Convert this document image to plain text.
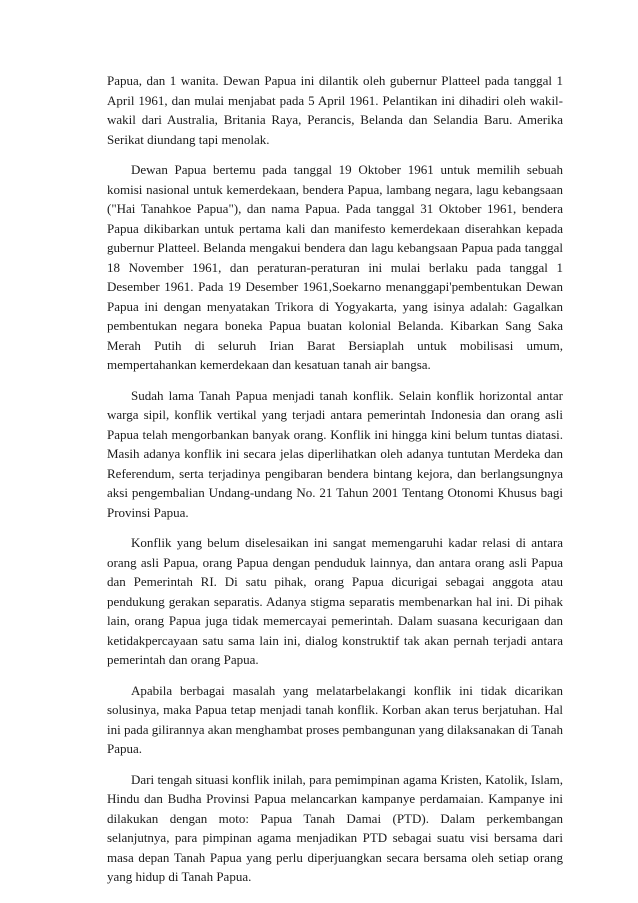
Papua, dan 1 wanita. Dewan Papua ini dilantik oleh gubernur Platteel pada tanggal 1 April 1961, dan mulai menjabat pada 5 April 1961. Pelantikan ini dihadiri oleh wakil-wakil dari Australia, Britania Raya, Perancis, Belanda dan Selandia Baru. Amerika Serikat diundang tapi menolak.

Dewan Papua bertemu pada tanggal 19 Oktober 1961 untuk memilih sebuah komisi nasional untuk kemerdekaan, bendera Papua, lambang negara, lagu kebangsaan ("Hai Tanahkoe Papua"), dan nama Papua. Pada tanggal 31 Oktober 1961, bendera Papua dikibarkan untuk pertama kali dan manifesto kemerdekaan diserahkan kepada gubernur Platteel. Belanda mengakui bendera dan lagu kebangsaan Papua pada tanggal 18 November 1961, dan peraturan-peraturan ini mulai berlaku pada tanggal 1 Desember 1961. Pada 19 Desember 1961,Soekarno menanggapi'pembentukan Dewan Papua ini dengan menyatakan Trikora di Yogyakarta, yang isinya adalah: Gagalkan pembentukan negara boneka Papua buatan kolonial Belanda. Kibarkan Sang Saka Merah Putih di seluruh Irian Barat Bersiaplah untuk mobilisasi umum, mempertahankan kemerdekaan dan kesatuan tanah air bangsa.

Sudah lama Tanah Papua menjadi tanah konflik. Selain konflik horizontal antar warga sipil, konflik vertikal yang terjadi antara pemerintah Indonesia dan orang asli Papua telah mengorbankan banyak orang. Konflik ini hingga kini belum tuntas diatasi. Masih adanya konflik ini secara jelas diperlihatkan oleh adanya tuntutan Merdeka dan Referendum, serta terjadinya pengibaran bendera bintang kejora, dan berlangsungnya aksi pengembalian Undang-undang No. 21 Tahun 2001 Tentang Otonomi Khusus bagi Provinsi Papua.

Konflik yang belum diselesaikan ini sangat memengaruhi kadar relasi di antara orang asli Papua, orang Papua dengan penduduk lainnya, dan antara orang asli Papua dan Pemerintah RI. Di satu pihak, orang Papua dicurigai sebagai anggota atau pendukung gerakan separatis. Adanya stigma separatis membenarkan hal ini. Di pihak lain, orang Papua juga tidak memercayai pemerintah. Dalam suasana kecurigaan dan ketidakpercayaan satu sama lain ini, dialog konstruktif tak akan pernah terjadi antara pemerintah dan orang Papua.

Apabila berbagai masalah yang melatarbelakangi konflik ini tidak dicarikan solusinya, maka Papua tetap menjadi tanah konflik. Korban akan terus berjatuhan. Hal ini pada gilirannya akan menghambat proses pembangunan yang dilaksanakan di Tanah Papua.

Dari tengah situasi konflik inilah, para pemimpinan agama Kristen, Katolik, Islam, Hindu dan Budha Provinsi Papua melancarkan kampanye perdamaian. Kampanye ini dilakukan dengan moto: Papua Tanah Damai (PTD). Dalam perkembangan selanjutnya, para pimpinan agama menjadikan PTD sebagai suatu visi bersama dari masa depan Tanah Papua yang perlu diperjuangkan secara bersama oleh setiap orang yang hidup di Tanah Papua.
